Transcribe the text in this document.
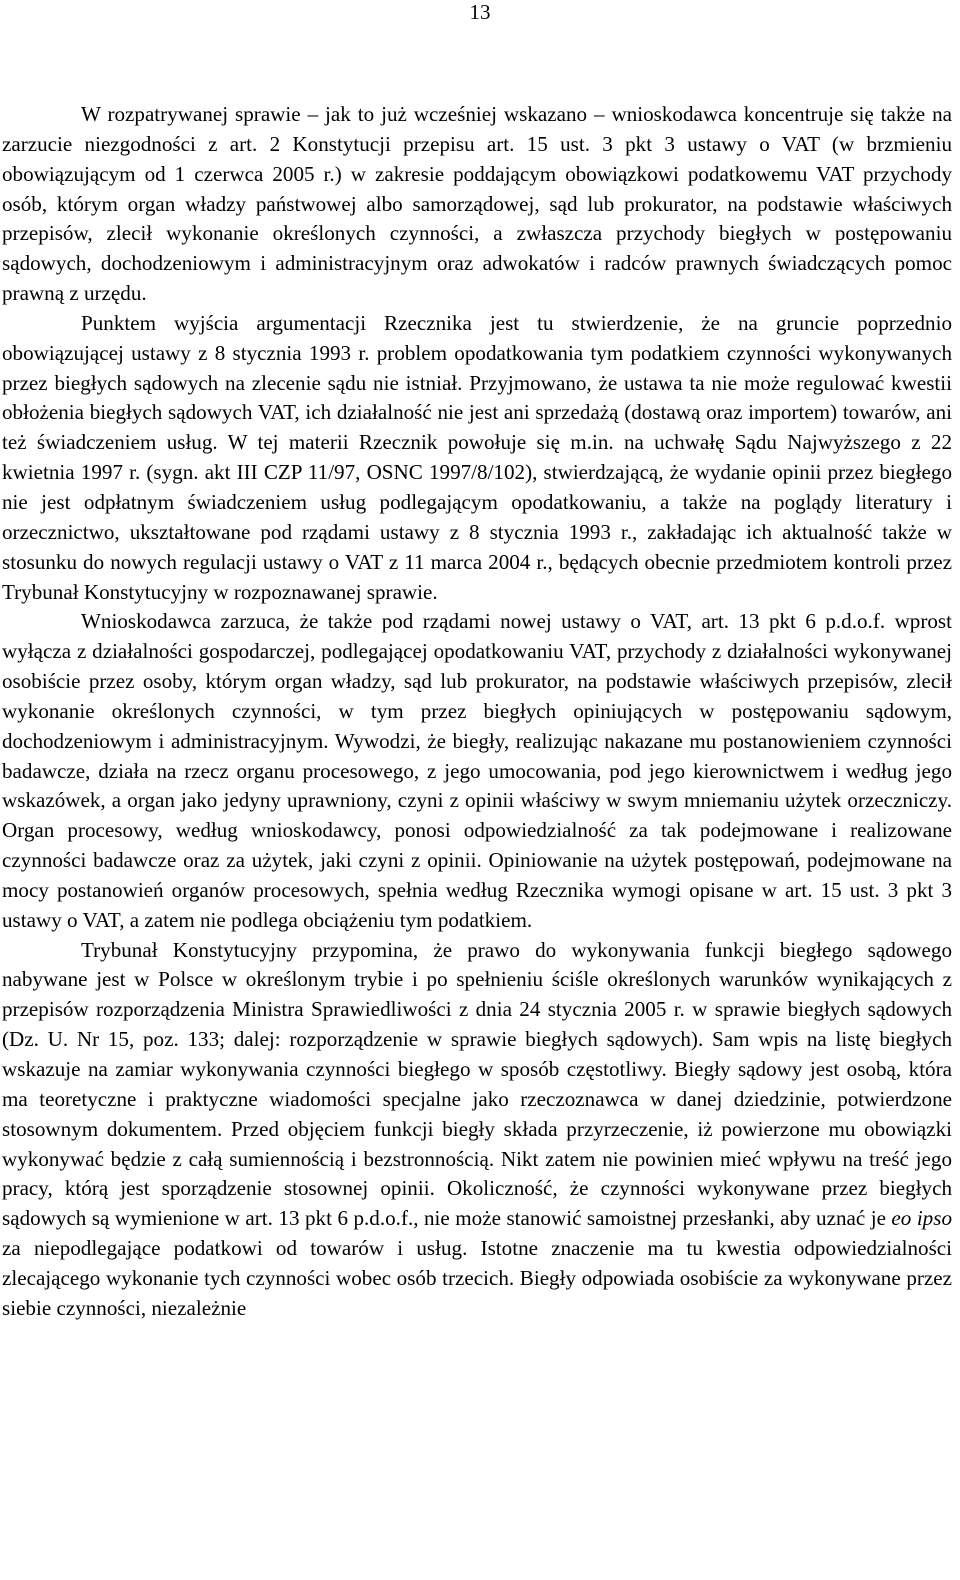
13

W rozpatrywanej sprawie – jak to już wcześniej wskazano – wnioskodawca koncentruje się także na zarzucie niezgodności z art. 2 Konstytucji przepisu art. 15 ust. 3 pkt 3 ustawy o VAT (w brzmieniu obowiązującym od 1 czerwca 2005 r.) w zakresie poddającym obowiązkowi podatkowemu VAT przychody osób, którym organ władzy państwowej albo samorządowej, sąd lub prokurator, na podstawie właściwych przepisów, zlecił wykonanie określonych czynności, a zwłaszcza przychody biegłych w postępowaniu sądowych, dochodzeniowym i administracyjnym oraz adwokatów i radców prawnych świadczących pomoc prawną z urzędu.

Punktem wyjścia argumentacji Rzecznika jest tu stwierdzenie, że na gruncie poprzednio obowiązującej ustawy z 8 stycznia 1993 r. problem opodatkowania tym podatkiem czynności wykonywanych przez biegłych sądowych na zlecenie sądu nie istniał. Przyjmowano, że ustawa ta nie może regulować kwestii obłożenia biegłych sądowych VAT, ich działalność nie jest ani sprzedażą (dostawą oraz importem) towarów, ani też świadczeniem usług. W tej materii Rzecznik powołuje się m.in. na uchwałę Sądu Najwyższego z 22 kwietnia 1997 r. (sygn. akt III CZP 11/97, OSNC 1997/8/102), stwierdzającą, że wydanie opinii przez biegłego nie jest odpłatnym świadczeniem usług podlegającym opodatkowaniu, a także na poglądy literatury i orzecznictwo, ukształtowane pod rządami ustawy z 8 stycznia 1993 r., zakładając ich aktualność także w stosunku do nowych regulacji ustawy o VAT z 11 marca 2004 r., będących obecnie przedmiotem kontroli przez Trybunał Konstytucyjny w rozpoznawanej sprawie.

Wnioskodawca zarzuca, że także pod rządami nowej ustawy o VAT, art. 13 pkt 6 p.d.o.f. wprost wyłącza z działalności gospodarczej, podlegającej opodatkowaniu VAT, przychody z działalności wykonywanej osobiście przez osoby, którym organ władzy, sąd lub prokurator, na podstawie właściwych przepisów, zlecił wykonanie określonych czynności, w tym przez biegłych opiniujących w postępowaniu sądowym, dochodzeniowym i administracyjnym. Wywodzi, że biegły, realizując nakazane mu postanowieniem czynności badawcze, działa na rzecz organu procesowego, z jego umocowania, pod jego kierownictwem i według jego wskazówek, a organ jako jedyny uprawniony, czyni z opinii właściwy w swym mniemaniu użytek orzeczniczy. Organ procesowy, według wnioskodawcy, ponosi odpowiedzialność za tak podejmowane i realizowane czynności badawcze oraz za użytek, jaki czyni z opinii. Opiniowanie na użytek postępowań, podejmowane na mocy postanowień organów procesowych, spełnia według Rzecznika wymogi opisane w art. 15 ust. 3 pkt 3 ustawy o VAT, a zatem nie podlega obciążeniu tym podatkiem.

Trybunał Konstytucyjny przypomina, że prawo do wykonywania funkcji biegłego sądowego nabywane jest w Polsce w określonym trybie i po spełnieniu ściśle określonych warunków wynikających z przepisów rozporządzenia Ministra Sprawiedliwości z dnia 24 stycznia 2005 r. w sprawie biegłych sądowych (Dz. U. Nr 15, poz. 133; dalej: rozporządzenie w sprawie biegłych sądowych). Sam wpis na listę biegłych wskazuje na zamiar wykonywania czynności biegłego w sposób częstotliwy. Biegły sądowy jest osobą, która ma teoretyczne i praktyczne wiadomości specjalne jako rzeczoznawca w danej dziedzinie, potwierdzone stosownym dokumentem. Przed objęciem funkcji biegły składa przyrzeczenie, iż powierzone mu obowiązki wykonywać będzie z całą sumiennością i bezstronnością. Nikt zatem nie powinien mieć wpływu na treść jego pracy, którą jest sporządzenie stosownej opinii. Okoliczność, że czynności wykonywane przez biegłych sądowych są wymienione w art. 13 pkt 6 p.d.o.f., nie może stanowić samoistnej przesłanki, aby uznać je eo ipso za niepodlegające podatkowi od towarów i usług. Istotne znaczenie ma tu kwestia odpowiedzialności zlecającego wykonanie tych czynności wobec osób trzecich. Biegły odpowiada osobiście za wykonywane przez siebie czynności, niezależnie
